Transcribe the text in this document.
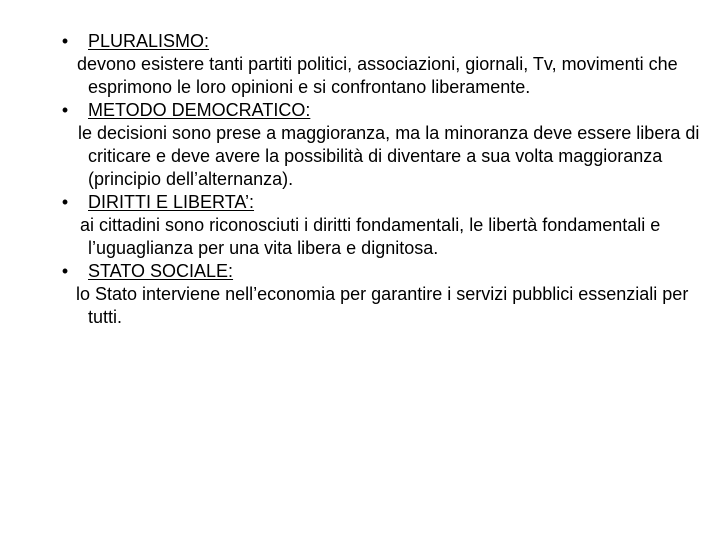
• PLURALISMO:
devono esistere tanti partiti politici, associazioni, giornali, Tv, movimenti che esprimono le loro opinioni e si confrontano liberamente.
• METODO DEMOCRATICO:
le decisioni sono prese a maggioranza, ma la minoranza deve essere libera di criticare e deve avere la possibilità di diventare a sua volta maggioranza (principio dell’alternanza).
• DIRITTI E LIBERTA’:
ai cittadini sono riconosciuti i diritti fondamentali, le libertà fondamentali e l’uguaglianza per una vita libera e dignitosa.
• STATO SOCIALE:
lo Stato interviene nell’economia per garantire i servizi pubblici essenziali per tutti.
